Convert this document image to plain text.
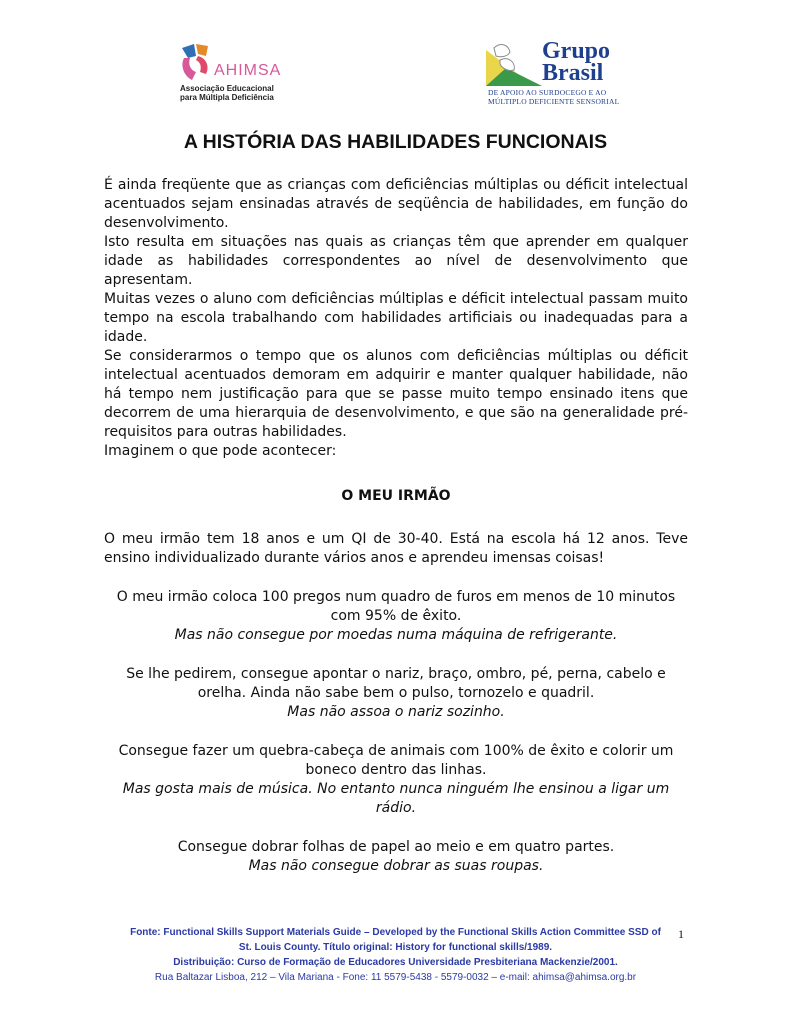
AHIMSA
Associação Educacional
para Múltipla Deficiência
Grupo
Brasil
DE APOIO AO SURDOCEGO E AO
MÚLTIPLO DEFICIENTE SENSORIAL
A HISTÓRIA DAS HABILIDADES FUNCIONAIS

É ainda freqüente que as crianças com deficiências múltiplas ou déficit intelectual acentuados sejam ensinadas através de seqüência de habilidades, em função do desenvolvimento.

Isto resulta em situações nas quais as crianças têm que aprender em qualquer idade as habilidades correspondentes ao nível de desenvolvimento que apresentam.

Muitas vezes o aluno com deficiências múltiplas e déficit intelectual passam muito tempo na escola trabalhando com habilidades artificiais ou inadequadas para a idade.

Se considerarmos o tempo que os alunos com deficiências múltiplas ou déficit intelectual acentuados demoram em adquirir e manter qualquer habilidade, não há tempo nem justificação para que se passe muito tempo ensinado itens que decorrem de uma hierarquia de desenvolvimento, e que são na generalidade pré-requisitos para outras habilidades.

Imaginem o que pode acontecer:

O MEU IRMÃO

O meu irmão tem 18 anos e um QI de 30-40. Está na escola há 12 anos. Teve ensino individualizado durante vários anos e aprendeu imensas coisas!

O meu irmão coloca 100 pregos num quadro de furos em menos de 10 minutos com 95% de êxito.

Mas não consegue por moedas numa máquina de refrigerante.

Se lhe pedirem, consegue apontar o nariz, braço, ombro, pé, perna, cabelo e orelha. Ainda não sabe bem o pulso, tornozelo e quadril.

Mas não assoa o nariz sozinho.

Consegue fazer um quebra-cabeça de animais com 100% de êxito e colorir um boneco dentro das linhas.

Mas gosta mais de música. No entanto nunca ninguém lhe ensinou a ligar um rádio.

Consegue dobrar folhas de papel ao meio e em quatro partes.

Mas não consegue dobrar as suas roupas.

Fonte: Functional Skills Support Materials Guide – Developed by the Functional Skills Action Committee SSD of
St. Louis County. Título original: History for functional skills/1989.
Distribuição: Curso de Formação de Educadores Universidade Presbiteriana Mackenzie/2001.
Rua Baltazar Lisboa, 212 – Vila Mariana - Fone: 11 5579-5438 - 5579-0032 – e-mail: ahimsa@ahimsa.org.br
1
